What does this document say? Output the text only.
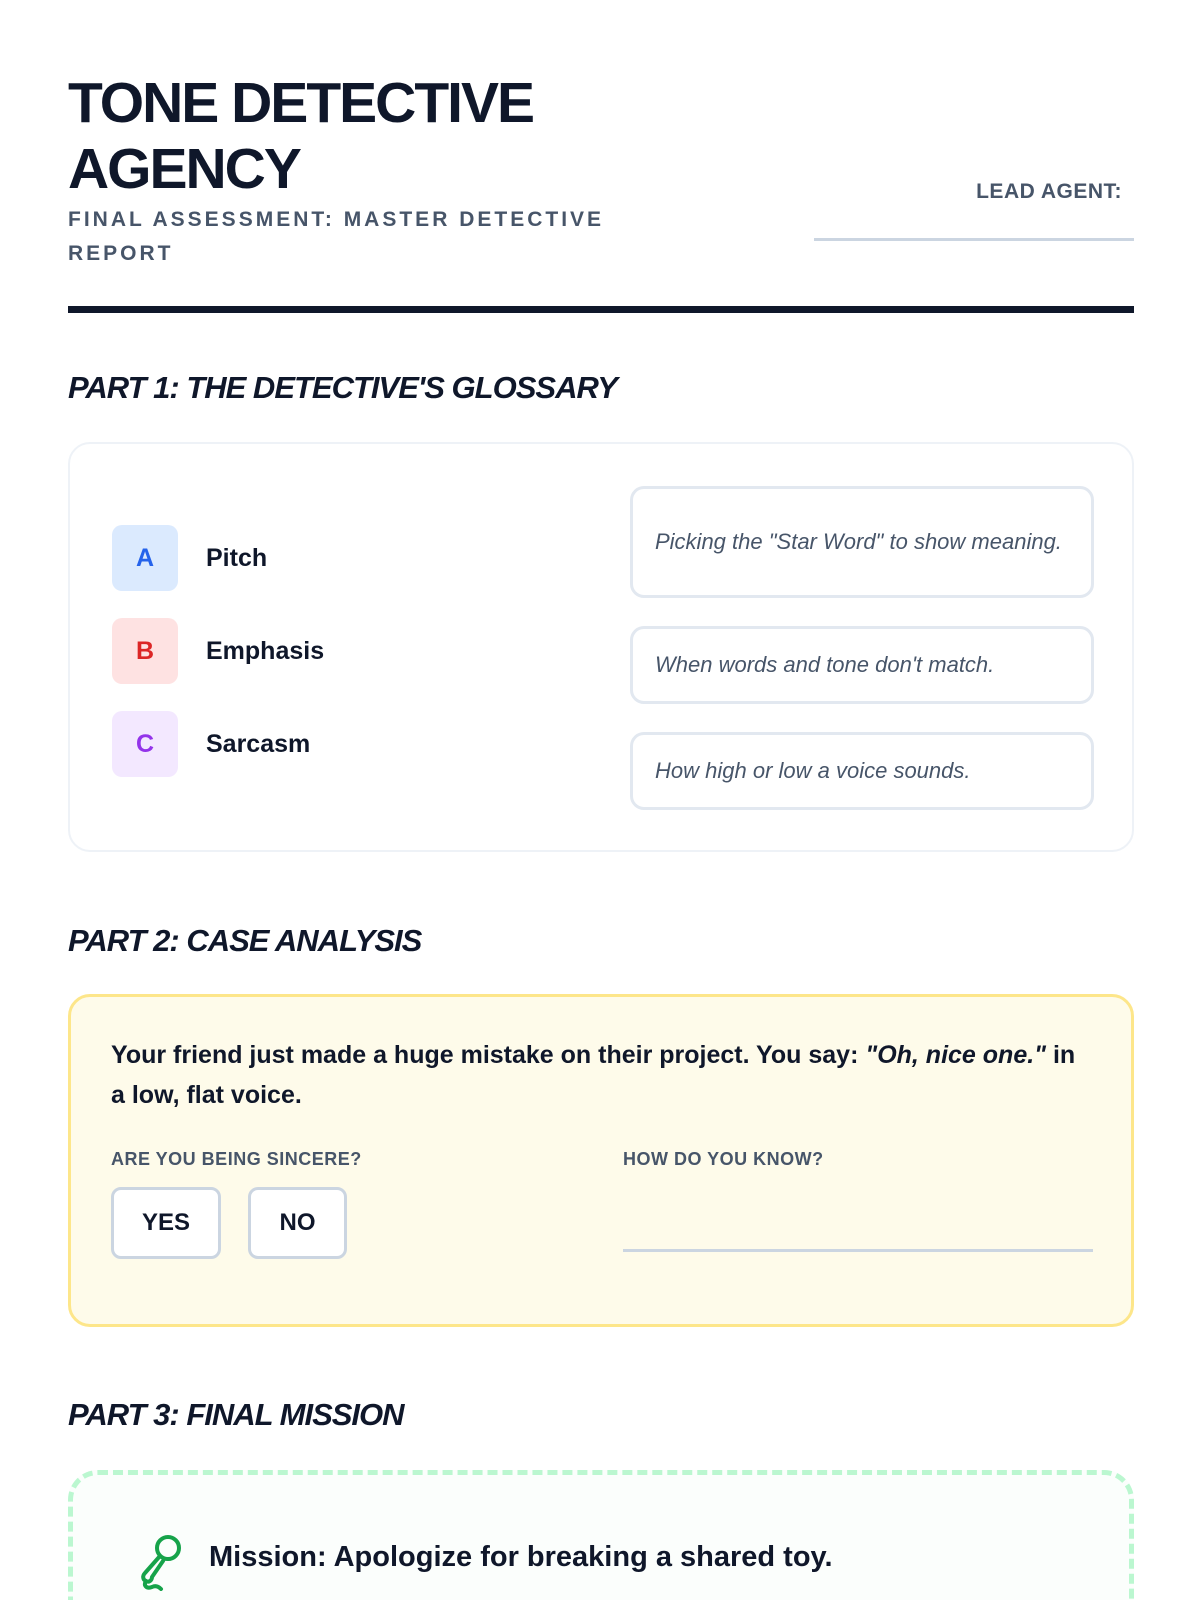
TONE DETECTIVE
AGENCY
FINAL ASSESSMENT: MASTER DETECTIVE
REPORT
LEAD AGENT:
PART 1: THE DETECTIVE'S GLOSSARY
A	Pitch
B	Emphasis
C	Sarcasm
Picking the "Star Word" to show meaning.
When words and tone don't match.
How high or low a voice sounds.
PART 2: CASE ANALYSIS
Your friend just made a huge mistake on their project. You say: "Oh, nice one." in a low, flat voice.
ARE YOU BEING SINCERE?	HOW DO YOU KNOW?
YES	NO
PART 3: FINAL MISSION
Mission: Apologize for breaking a shared toy.
